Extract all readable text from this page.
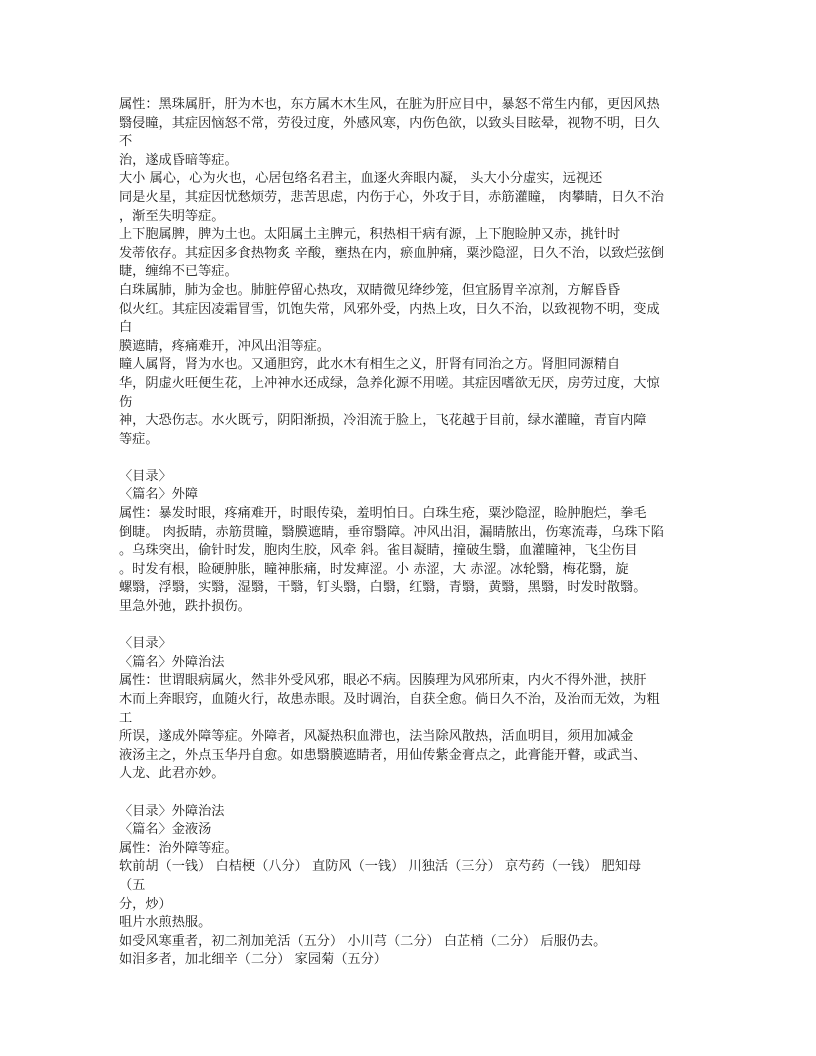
属性：黑珠属肝，肝为木也，东方属木木生风，在脏为肝应目中，暴怒不常生内郁，更因风热
翳侵瞳，其症因恼怒不常，劳役过度，外感风寒，内伤色欲，以致头目眩晕，视物不明，日久
不
治，遂成昏暗等症。
大小 属心，心为火也，心居包络名君主，血逐火奔眼内凝， 头大小分虚实，远视还
同是火星，其症因忧愁烦劳，悲苦思虑，内伤于心，外攻于目，赤筋灌瞳， 肉攀睛，日久不治
，渐至失明等症。
上下胞属脾，脾为土也。太阳属土主脾元，积热相干病有源，上下胞睑肿又赤，挑针时
发蒂依存。其症因多食热物炙 辛酸，壅热在内，瘀血肿痛，粟沙隐涩，日久不治，以致烂弦倒
睫，缠绵不已等症。
白珠属肺，肺为金也。肺脏停留心热攻，双睛微见绛纱笼，但宜肠胃辛凉剂，方解昏昏
似火红。其症因凌霜冒雪，饥饱失常，风邪外受，内热上攻，日久不治，以致视物不明，变成
白
膜遮睛，疼痛难开，冲风出泪等症。
瞳人属肾，肾为水也。又通胆窍，此水木有相生之义，肝肾有同治之方。肾胆同源精自
华，阴虚火旺便生花，上冲神水还成绿，急养化源不用嗟。其症因嗜欲无厌，房劳过度，大惊
伤
神，大恐伤志。水火既亏，阴阳渐损，冷泪流于脸上，飞花越于目前，绿水灌瞳，青盲内障
等症。
〈目录〉
〈篇名〉外障
属性：暴发时眼，疼痛难开，时眼传染，羞明怕日。白珠生疮，粟沙隐涩，睑肿胞烂，拳毛
倒睫。 肉扳睛，赤筋贯瞳，翳膜遮睛，垂帘翳障。冲风出泪，漏睛脓出，伤寒流毒，乌珠下陷
。乌珠突出，偷针时发，胞肉生胶，风牵 斜。雀目凝睛，撞破生翳，血灌瞳神，飞尘伤目
。时发有根，睑硬肿胀，瞳神胀痛，时发痺涩。小 赤涩，大 赤涩。冰轮翳，梅花翳，旋
螺翳，浮翳，实翳，湿翳，干翳，钉头翳，白翳，红翳，青翳，黄翳，黑翳，时发时散翳。
里急外弛，跌扑损伤。
〈目录〉
〈篇名〉外障治法
属性：世谓眼病属火，然非外受风邪，眼必不病。因腠理为风邪所束，内火不得外泄，挟肝
木而上奔眼窍，血随火行，故患赤眼。及时调治，自获全愈。倘日久不治，及治而无效，为粗
工
所误，遂成外障等症。外障者，风凝热积血滞也，法当除风散热，活血明目，须用加减金
液汤主之，外点玉华丹自愈。如患翳膜遮睛者，用仙传紫金膏点之，此膏能开瞽，或武当、
人龙、此君亦妙。
〈目录〉外障治法
〈篇名〉金液汤
属性：治外障等症。
软前胡（一钱） 白桔梗（八分） 直防风（一钱） 川独活（三分） 京芍药（一钱） 肥知母
（五
分，炒）
咀片水煎热服。
如受风寒重者，初二剂加羌活（五分） 小川芎（二分） 白芷梢（二分） 后服仍去。
如泪多者，加北细辛（二分） 家园菊（五分）
